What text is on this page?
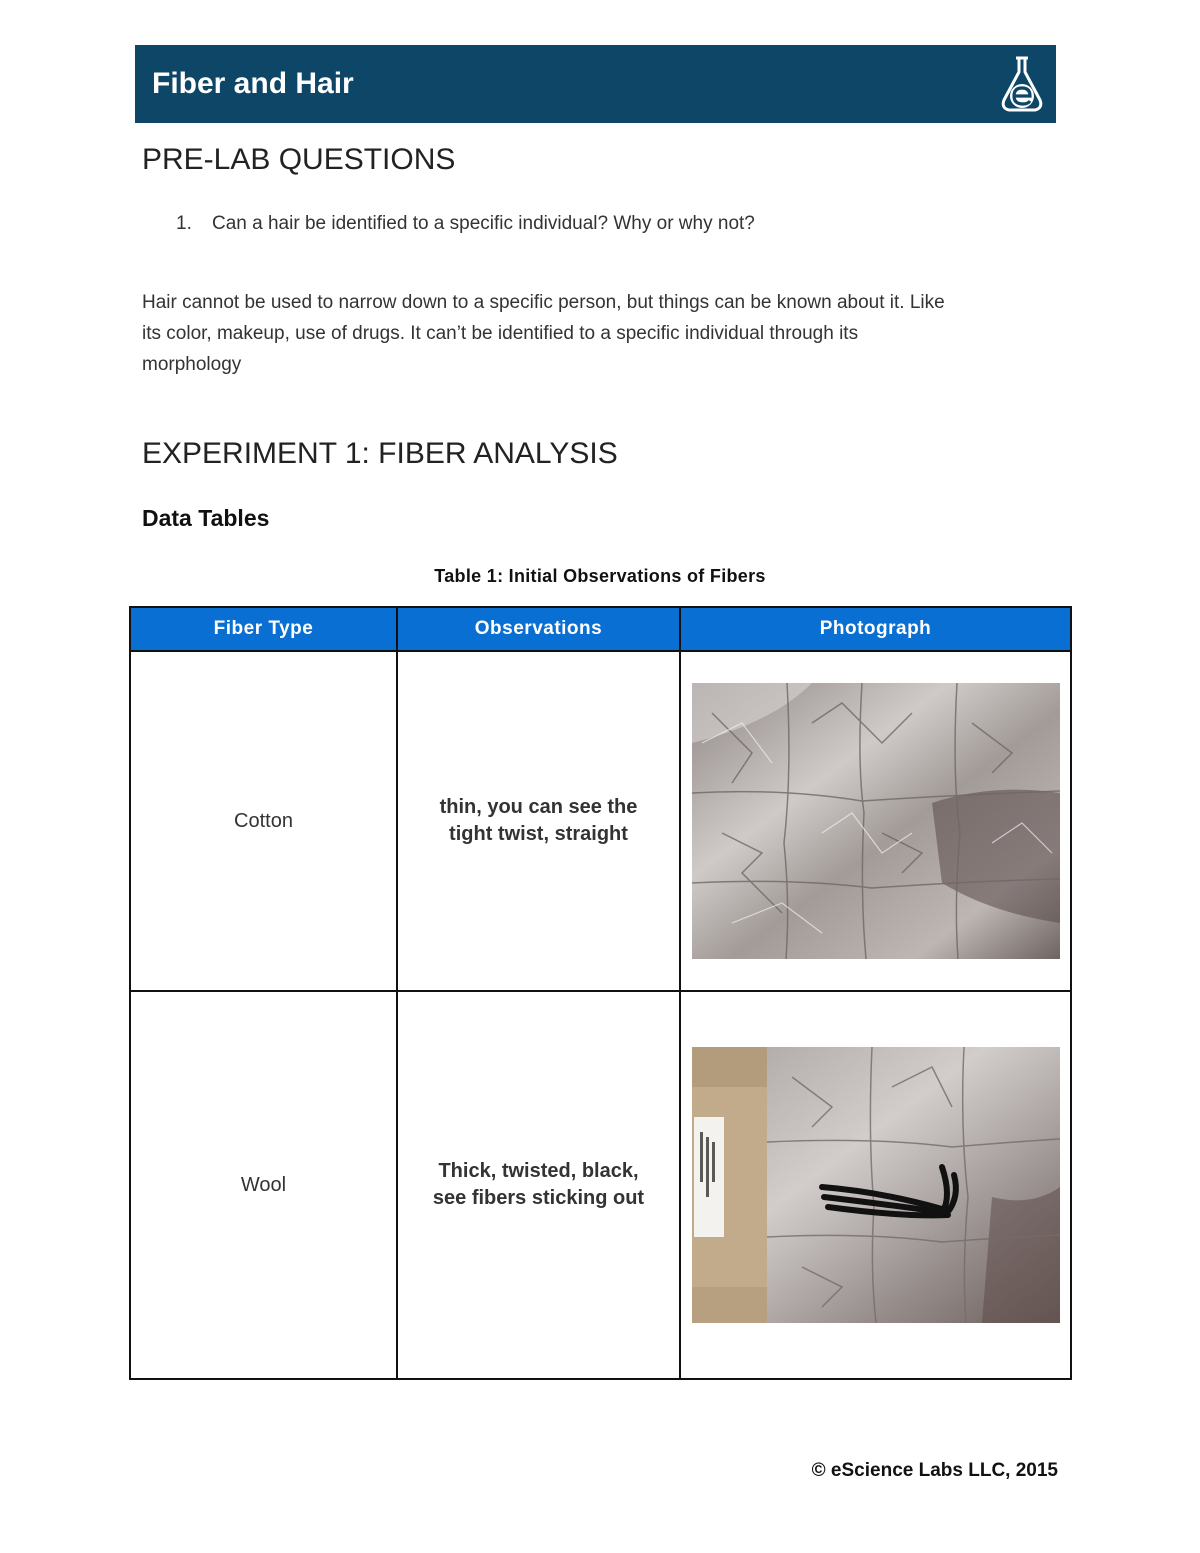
Fiber and Hair
PRE-LAB QUESTIONS
1. Can a hair be identified to a specific individual? Why or why not?
Hair cannot be used to narrow down to a specific person, but things can be known about it. Like
its color, makeup, use of drugs. It can’t be identified to a specific individual through its
morphology
EXPERIMENT 1: FIBER ANALYSIS
Data Tables
Table 1: Initial Observations of Fibers
Fiber Type	Observations	Photograph
Cotton	thin, you can see the
tight twist, straight

Wool	Thick, twisted, black,
see fibers sticking out

© eScience Labs LLC, 2015
